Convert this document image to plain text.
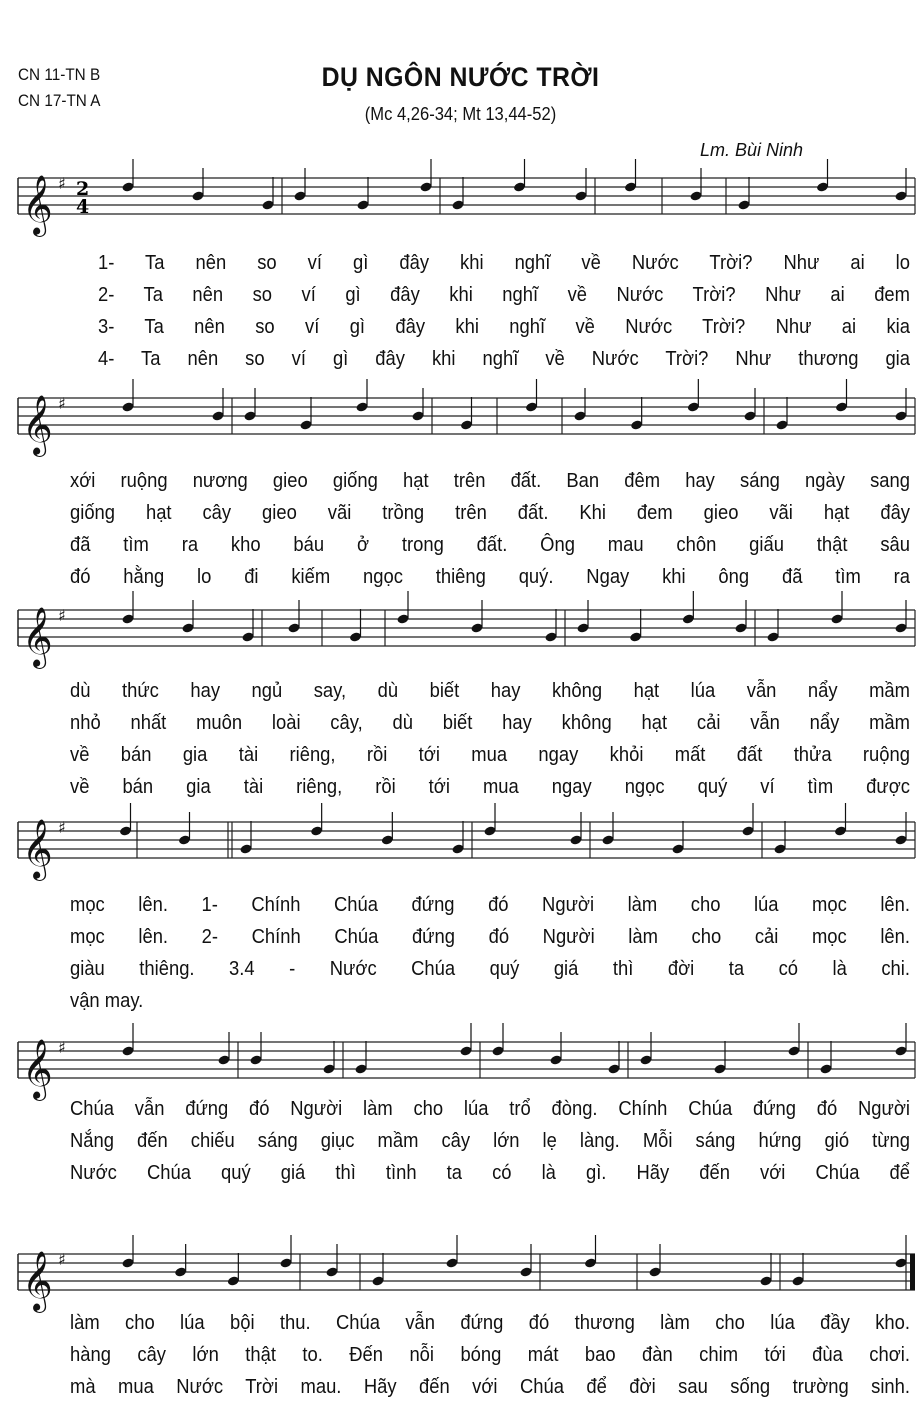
CN 11-TN B
CN 17-TN A
DỤ NGÔN NƯỚC TRỜI
(Mc 4,26-34; Mt 13,44-52)
Lm. Bùi Ninh
𝄞 ♯ 2
4
𝄞 ♯
𝄞 ♯
𝄞 ♯
𝄞 ♯
𝄞 ♯
1- Ta nên so ví gì đây khi nghĩ về Nước Trời? Như ai lo
2- Ta nên so ví gì đây khi nghĩ về Nước Trời? Như ai đem
3- Ta nên so ví gì đây khi nghĩ về Nước Trời? Như ai kia
4- Ta nên so ví gì đây khi nghĩ về Nước Trời? Như thương gia
xới ruộng nương gieo giống hạt trên đất. Ban đêm hay sáng ngày sang
giống hạt cây gieo vãi trồng trên đất. Khi đem gieo vãi hạt đây
đã tìm ra kho báu ở trong đất. Ông mau chôn giấu thật sâu
đó hằng lo đi kiếm ngọc thiêng quý. Ngay khi ông đã tìm ra
dù thức hay ngủ say, dù biết hay không hạt lúa vẫn nẩy mầm
nhỏ nhất muôn loài cây, dù biết hay không hạt cải vẫn nẩy mầm
về bán gia tài riêng, rồi tới mua ngay khỏi mất đất thửa ruộng
về bán gia tài riêng, rồi tới mua ngay ngọc quý ví tìm được
mọc lên. 1- Chính Chúa đứng đó Người làm cho lúa mọc lên.
mọc lên. 2- Chính Chúa đứng đó Người làm cho cải mọc lên.
giàu thiêng. 3.4 - Nước Chúa quý giá thì đời ta có là chi.
vận may.
Chúa vẫn đứng đó Người làm cho lúa trổ đòng. Chính Chúa đứng đó Người
Nắng đến chiếu sáng giục mầm cây lớn lẹ làng. Mỗi sáng hứng gió từng
Nước Chúa quý giá thì tình ta có là gì. Hãy đến với Chúa để
làm cho lúa bội thu. Chúa vẫn đứng đó thương làm cho lúa đầy kho.
hàng cây lớn thật to. Đến nỗi bóng mát bao đàn chim tới đùa chơi.
mà mua Nước Trời mau. Hãy đến với Chúa để đời sau sống trường sinh.
